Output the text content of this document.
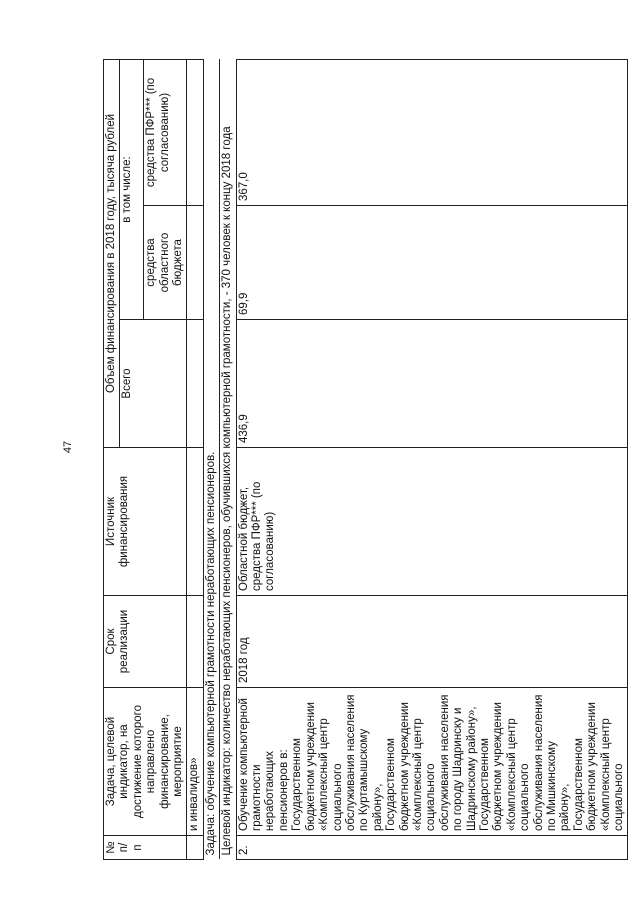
47
№ п/п	Задача, целевой индикатор, на достижение которого направлено финансирование, мероприятие	Срок реализации	Источник финансирования	Объем финансирования в 2018 году, тысяча рублей		
				Всего	в том числе:	
					средства областного бюджета	средства ПФР*** (по согласованию)
	и инвалидов»					
Задача: обучение компьютерной грамотности неработающих пенсионеров.						
Целевой индикатор: количество неработающих пенсионеров, обучившихся компьютерной грамотности, - 370 человек к концу 2018 года						
2.	Обучение компьютерной грамотности неработающих пенсионеров в: Государственном бюджетном учреждении «Комплексный центр социального обслуживания населения по Куртамышскому району», Государственном бюджетном учреждении «Комплексный центр социального обслуживания населения по городу Шадринску и Шадринскому району», Государственном бюджетном учреждении «Комплексный центр социального обслуживания населения по Мишкинскому району», Государственном бюджетном учреждении «Комплексный центр социального	2018 год	Областной бюджет, средства ПФР*** (по согласованию)	436,9	69,9	367,0
